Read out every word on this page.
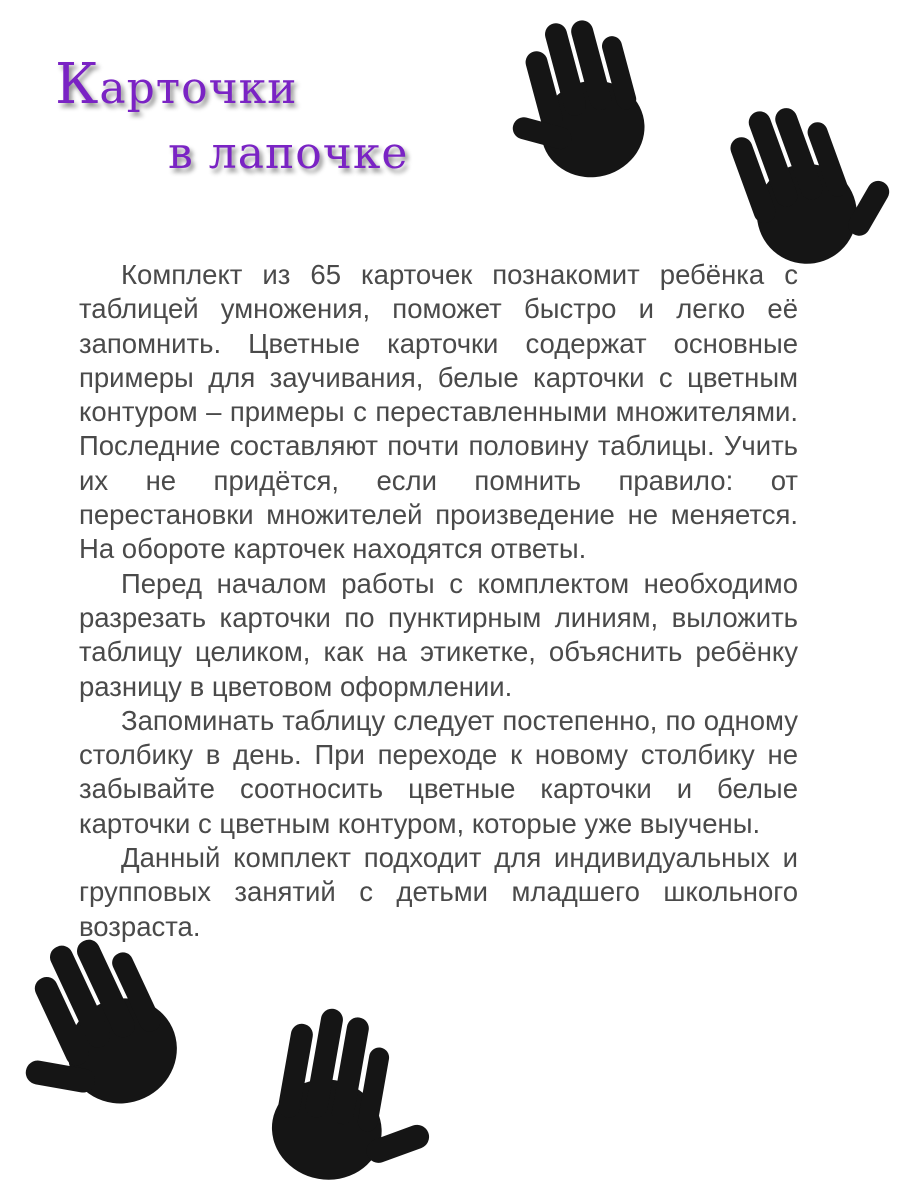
Карточки
в лапочке

Комплект из 65 карточек познакомит ребёнка с таблицей умножения, поможет быстро и легко её запомнить. Цветные карточки содержат основные примеры для заучивания, белые карточки с цветным контуром – примеры с переставленными множителями. Последние составляют почти половину таблицы. Учить их не придётся, если помнить правило: от перестановки множителей произведение не меняется. На обороте карточек находятся ответы.

Перед началом работы с комплектом необходимо разрезать карточки по пунктирным линиям, выложить таблицу целиком, как на этикетке, объяснить ребёнку разницу в цветовом оформлении.

Запоминать таблицу следует постепенно, по одному столбику в день. При переходе к новому столбику не забывайте соотносить цветные карточки и белые карточки с цветным контуром, которые уже выучены.

Данный комплект подходит для индивидуальных и групповых занятий с детьми младшего школьного возраста.
